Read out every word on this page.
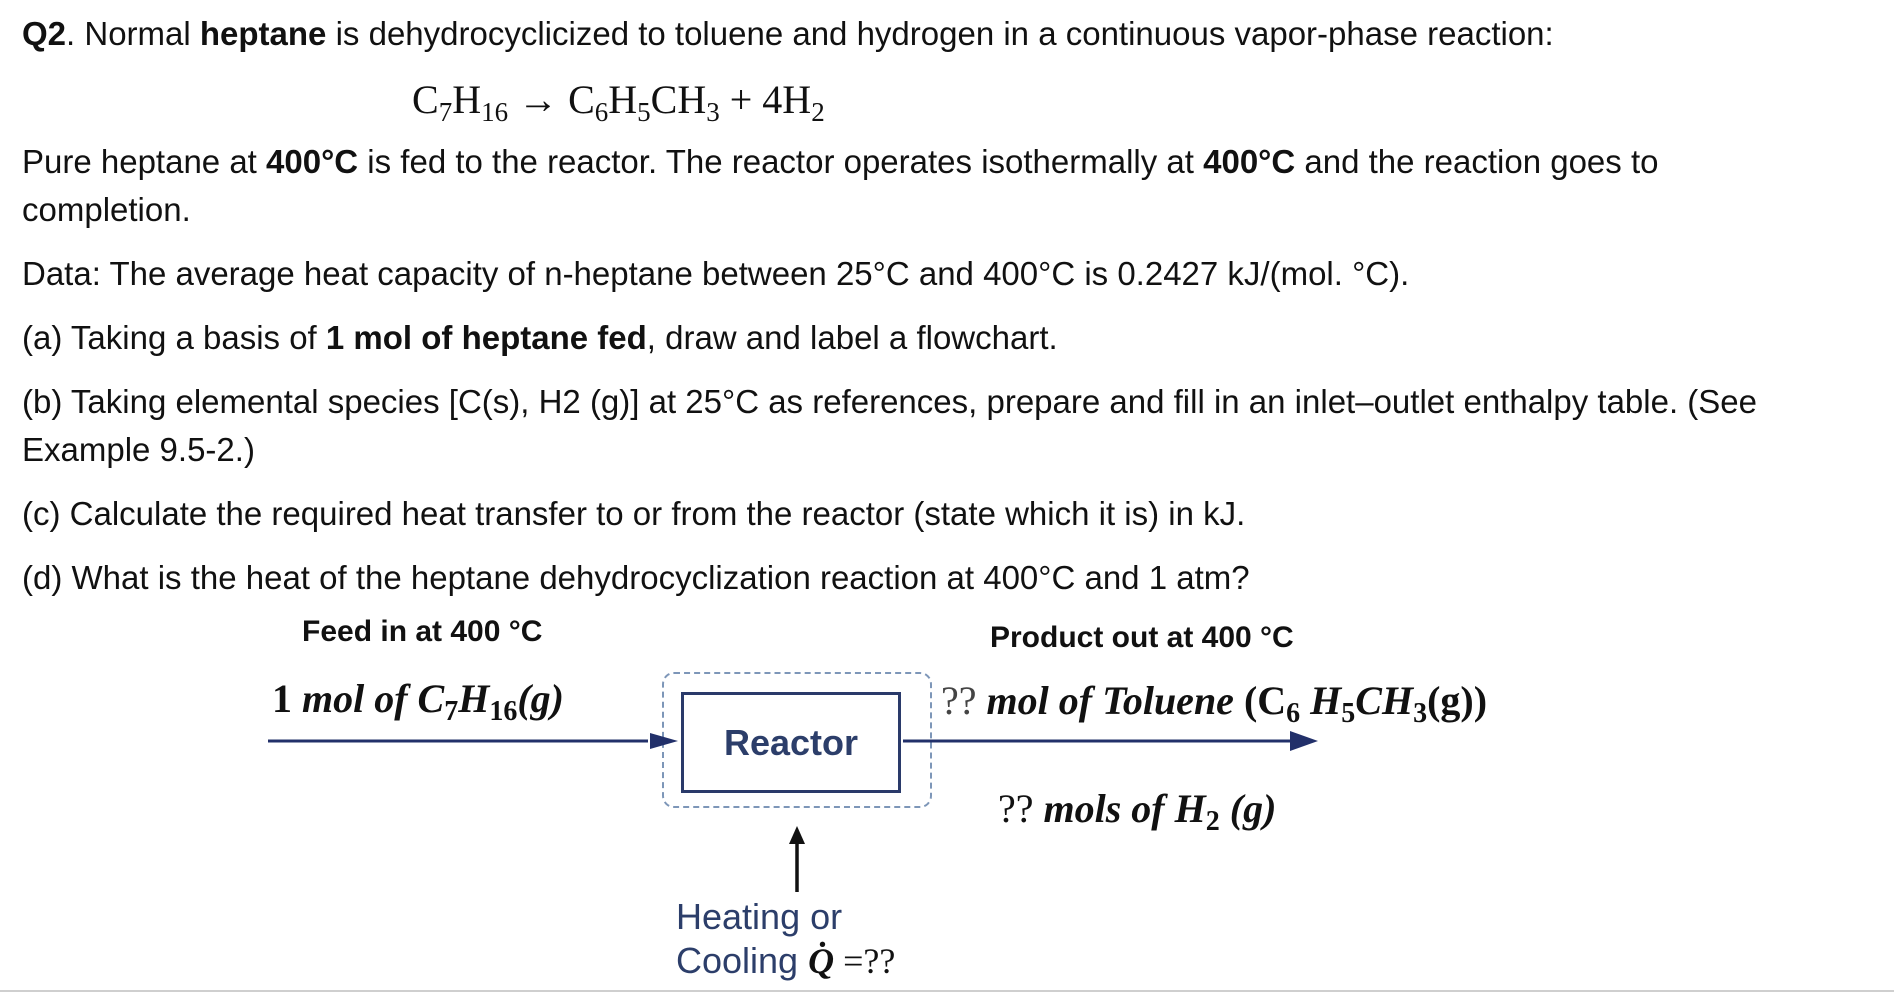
Q2. Normal heptane is dehydrocyclicized to toluene and hydrogen in a continuous vapor-phase reaction:
$C_7H_{16} \to C_6H_5CH_3 + 4H_2$
Pure heptane at 400°C is fed to the reactor. The reactor operates isothermally at 400°C and the reaction goes to
completion.
Data: The average heat capacity of n-heptane between 25°C and 400°C is 0.2427 kJ/(mol. °C).
(a) Taking a basis of 1 mol of heptane fed, draw and label a flowchart.
(b) Taking elemental species [C(s), H2 (g)] at 25°C as references, prepare and fill in an inlet–outlet enthalpy table. (See
Example 9.5-2.)
(c) Calculate the required heat transfer to or from the reactor (state which it is) in kJ.
(d) What is the heat of the heptane dehydrocyclization reaction at 400°C and 1 atm?
Feed in at 400 °C	Product out at 400 °C
1 mol of $C_7H_{16}(g)$
Reactor
?? mol of Toluene ($C_6$ $H_5CH_3(g)$)
?? mols of $H_2$ (g)
Heating or
Cooling Q̇ =??
